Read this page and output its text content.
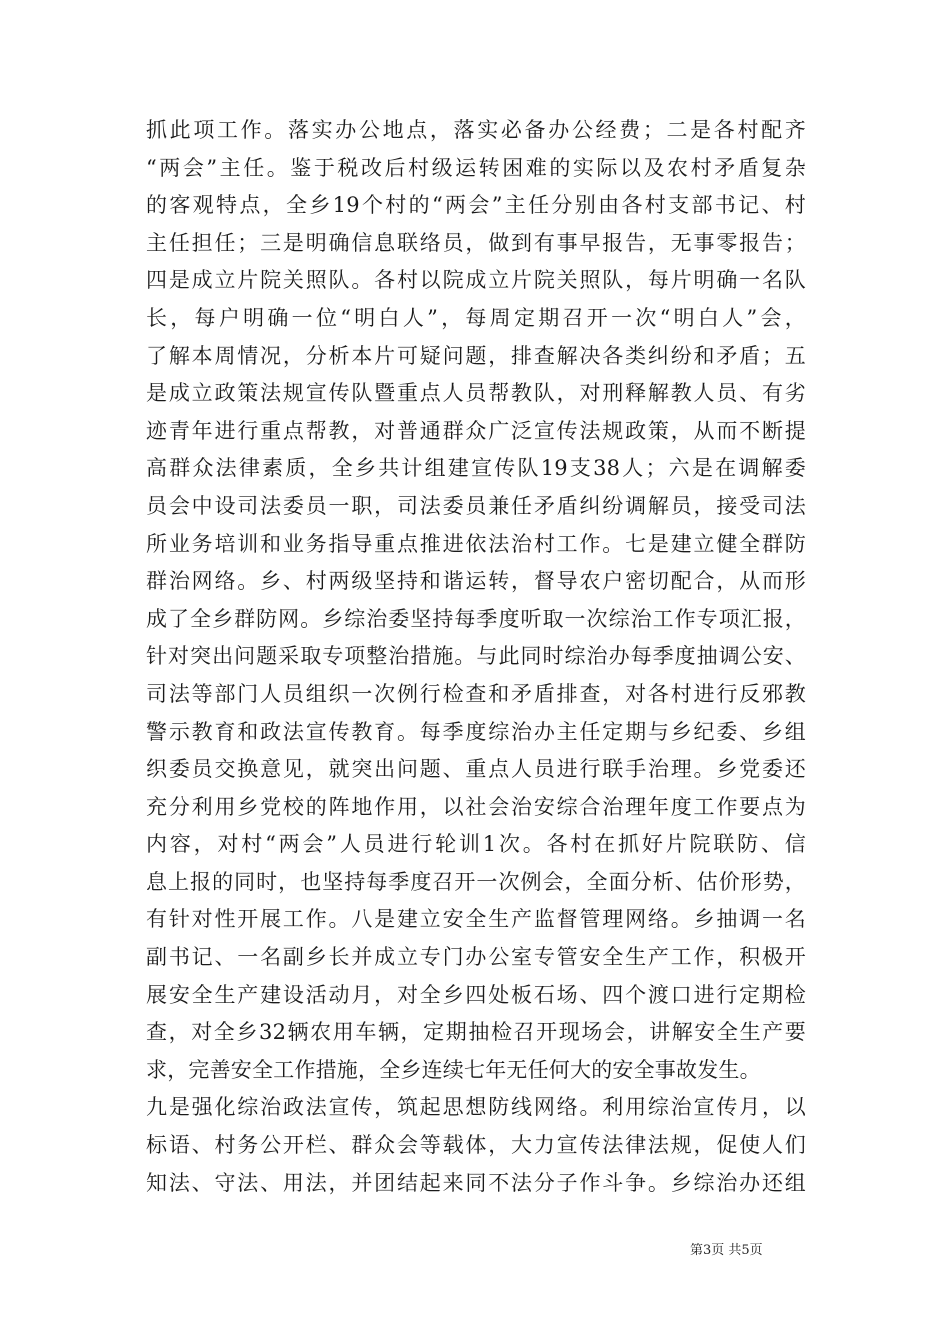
抓此项工作。落实办公地点，落实必备办公经费；二是各村配齐
“两会”主任。鉴于税改后村级运转困难的实际以及农村矛盾复杂
的客观特点，全乡19个村的“两会”主任分别由各村支部书记、村
主任担任；三是明确信息联络员，做到有事早报告，无事零报告；
四是成立片院关照队。各村以院成立片院关照队，每片明确一名队
长，每户明确一位“明白人”，每周定期召开一次“明白人”会，
了解本周情况，分析本片可疑问题，排查解决各类纠纷和矛盾；五
是成立政策法规宣传队暨重点人员帮教队，对刑释解教人员、有劣
迹青年进行重点帮教，对普通群众广泛宣传法规政策，从而不断提
高群众法律素质，全乡共计组建宣传队19支38人；六是在调解委
员会中设司法委员一职，司法委员兼任矛盾纠纷调解员，接受司法
所业务培训和业务指导重点推进依法治村工作。七是建立健全群防
群治网络。乡、村两级坚持和谐运转，督导农户密切配合，从而形
成了全乡群防网。乡综治委坚持每季度听取一次综治工作专项汇报，
针对突出问题采取专项整治措施。与此同时综治办每季度抽调公安、
司法等部门人员组织一次例行检查和矛盾排查，对各村进行反邪教
警示教育和政法宣传教育。每季度综治办主任定期与乡纪委、乡组
织委员交换意见，就突出问题、重点人员进行联手治理。乡党委还
充分利用乡党校的阵地作用，以社会治安综合治理年度工作要点为
内容，对村“两会”人员进行轮训1次。各村在抓好片院联防、信
息上报的同时，也坚持每季度召开一次例会，全面分析、估价形势，
有针对性开展工作。八是建立安全生产监督管理网络。乡抽调一名
副书记、一名副乡长并成立专门办公室专管安全生产工作，积极开
展安全生产建设活动月，对全乡四处板石场、四个渡口进行定期检
查，对全乡32辆农用车辆，定期抽检召开现场会，讲解安全生产要
求，完善安全工作措施，全乡连续七年无任何大的安全事故发生。
九是强化综治政法宣传，筑起思想防线网络。利用综治宣传月，以
标语、村务公开栏、群众会等载体，大力宣传法律法规，促使人们
知法、守法、用法，并团结起来同不法分子作斗争。乡综治办还组
第3页 共5页
